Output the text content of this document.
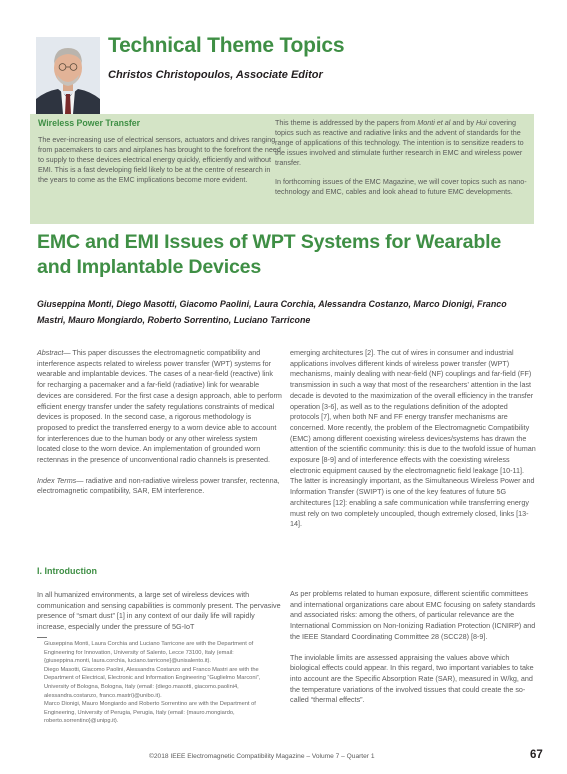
Technical Theme Topics
Christos Christopoulos, Associate Editor

Wireless Power Transfer

The ever-increasing use of electrical sensors, actuators and drives ranging from pacemakers to cars and airplanes has brought to the forefront the need to supply to these devices electrical energy quickly, efficiently and without EMI. This is a fast developing field likely to be at the centre of research in the years to come as the EMC implications become more evident.

This theme is addressed by the papers from Monti et al and by Hui covering topics such as reactive and radiative links and the advent of standards for the range of applications of this technology. The intention is to sensitize readers to the issues involved and stimulate further research in EMC and wireless power transfer.

In forthcoming issues of the EMC Magazine, we will cover topics such as nano-technology and EMC, cables and look ahead to future EMC developments.

EMC and EMI Issues of WPT Systems for Wearable and Implantable Devices
Giuseppina Monti, Diego Masotti, Giacomo Paolini, Laura Corchia, Alessandra Costanzo, Marco Dionigi, Franco Mastri, Mauro Mongiardo, Roberto Sorrentino, Luciano Tarricone

Abstract— This paper discusses the electromagnetic compatibility and interference aspects related to wireless power transfer (WPT) systems for wearable and implantable devices. The cases of a near-field (reactive) link for recharging a pacemaker and a far-field (radiative) link for wearable devices are considered. For the first case a design approach, able to perform efficient energy transfer under the safety regulations constraints of medical devices is proposed. In the second case, a rigorous methodology is proposed to predict the transferred energy to a worn device able to account for interferences due to the human body or any other wireless system located close to the worn device. An implementation of grounded worn rectennas in the presence of unconventional radio channels is presented.

Index Terms— radiative and non-radiative wireless power transfer, rectenna, electromagnetic compatibility, SAR, EM interference.

I. Introduction

In all humanized environments, a large set of wireless devices with communication and sensing capabilities is commonly present. The pervasive presence of “smart dust” [1] in any context of our daily life will rapidly increase, especially under the pressure of 5G-IoT

Giuseppina Monti, Laura Corchia and Luciano Tarricone are with the Department of Engineering for Innovation, University of Salento, Lecce 73100, Italy (email: {giuseppina.monti, laura.corchia, luciano.tarricone}@unisalento.it).

Diego Masotti, Giacomo Paolini, Alessandra Costanzo and Franco Mastri are with the Department of Electrical, Electronic and Information Engineering “Guglielmo Marconi”, University of Bologna, Bologna, Italy (email: {diego.masotti, giacomo.paolini4, alessandra.costanzo, franco.mastri}@unibo.it).

Marco Dionigi, Mauro Mongiardo and Roberto Sorrentino are with the Department of Engineering, University of Perugia, Perugia, Italy (email: {mauro.mongiardo, roberto.sorrentino}@unipg.it).

emerging architectures [2]. The cut of wires in consumer and industrial applications involves different kinds of wireless power transfer (WPT) mechanisms, mainly dealing with near-field (NF) couplings and far-field (FF) transmission in such a way that most of the researchers’ attention in the last decade is devoted to the maximization of the overall efficiency in the transfer operation [3-6], as well as to the regulations definition of the adopted protocols [7], when both NF and FF energy transfer mechanisms are concerned. More recently, the problem of the Electromagnetic Compatibility (EMC) among different coexisting wireless devices/systems has drawn the attention of the scientific community: this is due to the twofold issue of human exposure [8-9] and of interference effects with the coexisting wireless electronic equipment caused by the electromagnetic field leakage [10-11]. The latter is increasingly important, as the Simultaneous Wireless Power and Information Transfer (SWIPT) is one of the key features of future 5G architectures [12]: enabling a safe communication while transferring energy must rely on two completely uncoupled, though extremely closed, links [13-14].

As per problems related to human exposure, different scientific committees and international organizations care about EMC focusing on safety standards and associated risks: among the others, of particular relevance are the International Commission on Non-Ionizing Radiation Protection (ICNIRP) and the IEEE Standard Coordinating Committee 28 (SCC28) [8-9].

The inviolable limits are assessed appraising the values above which biological effects could appear. In this regard, two important variables to take into account are the Specific Absorption Rate (SAR), measured in W/kg, and the temperature variations of the involved tissues that could create the so-called “thermal effects”.

©2018 IEEE Electromagnetic Compatibility Magazine – Volume 7 – Quarter 1	67
